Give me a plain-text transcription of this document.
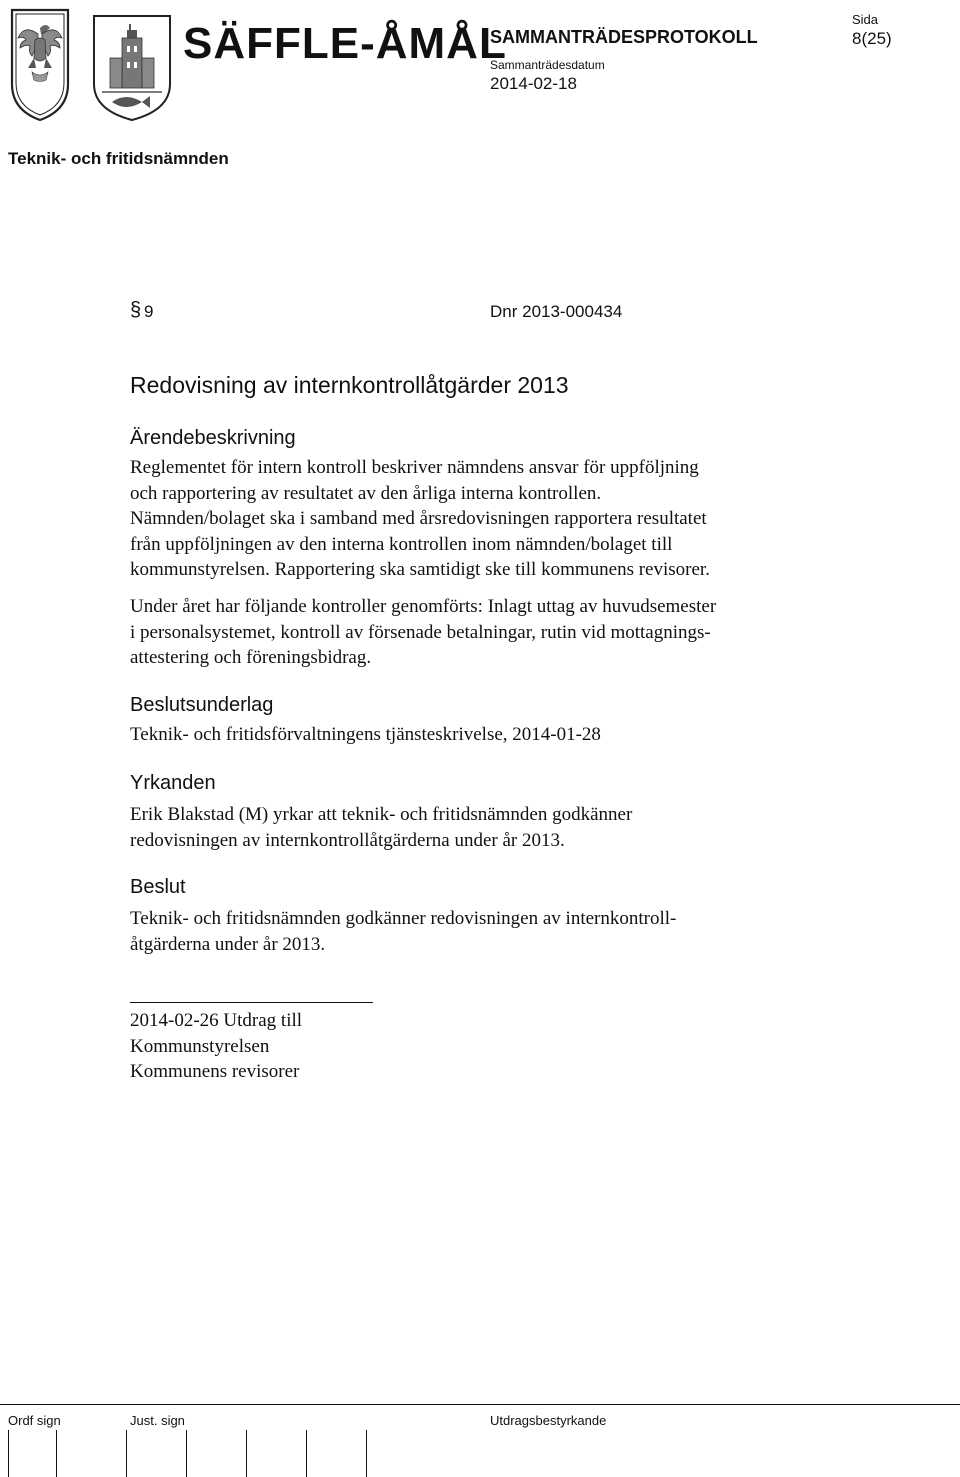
SÄFFLE-ÅMÅL
SAMMANTRÄDESPROTOKOLL
Sammanträdesdatum
2014-02-18
Sida
8(25)
Teknik- och fritidsnämnden
§ 9	Dnr 2013-000434
Redovisning av internkontrollåtgärder 2013
Ärendebeskrivning
Reglementet för intern kontroll beskriver nämndens ansvar för uppföljning
och rapportering av resultatet av den årliga interna kontrollen.
Nämnden/bolaget ska i samband med årsredovisningen rapportera resultatet
från uppföljningen av den interna kontrollen inom nämnden/bolaget till
kommunstyrelsen. Rapportering ska samtidigt ske till kommunens revisorer.
Under året har följande kontroller genomförts: Inlagt uttag av huvudsemester
i personalsystemet, kontroll av försenade betalningar, rutin vid mottagnings-
attestering och föreningsbidrag.
Beslutsunderlag
Teknik- och fritidsförvaltningens tjänsteskrivelse, 2014-01-28
Yrkanden
Erik Blakstad (M) yrkar att teknik- och fritidsnämnden godkänner
redovisningen av internkontrollåtgärderna under år 2013.
Beslut
Teknik- och fritidsnämnden godkänner redovisningen av internkontroll-
åtgärderna under år 2013.
2014-02-26 Utdrag till
Kommunstyrelsen
Kommunens revisorer
Ordf sign	Just. sign	Utdragsbestyrkande
